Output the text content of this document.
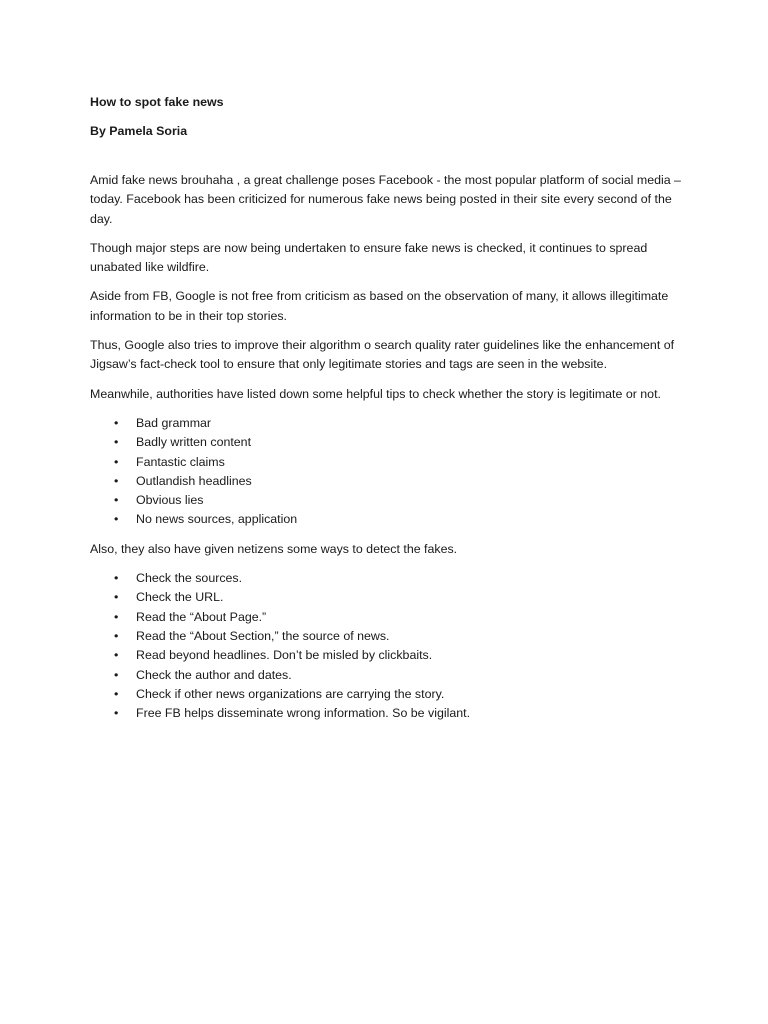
How to spot fake news

By Pamela Soria

Amid fake news brouhaha , a great challenge poses Facebook - the most popular platform of social media – today. Facebook has been criticized for numerous fake news being posted in their site every second of the day.

Though major steps are now being undertaken to ensure fake news is checked, it continues to spread unabated like wildfire.

Aside from FB, Google is not free from criticism as based on the observation of many, it allows illegitimate information to be in their top stories.

Thus, Google also tries to improve their algorithm o search quality rater guidelines like the enhancement of Jigsaw’s fact-check tool to ensure that only legitimate stories and tags are seen in the website.

Meanwhile, authorities have listed down some helpful tips to check whether the story is legitimate or not.

•	Bad grammar
•	Badly written content
•	Fantastic claims
•	Outlandish headlines
•	Obvious lies
•	No news sources, application

Also, they also have given netizens some ways to detect the fakes.

•	Check the sources.
•	Check the URL.
•	Read the “About Page.”
•	Read the “About Section,” the source of news.
•	Read beyond headlines. Don’t be misled by clickbaits.
•	Check the author and dates.
•	Check if other news organizations are carrying the story.
•	Free FB helps disseminate wrong information. So be vigilant.
